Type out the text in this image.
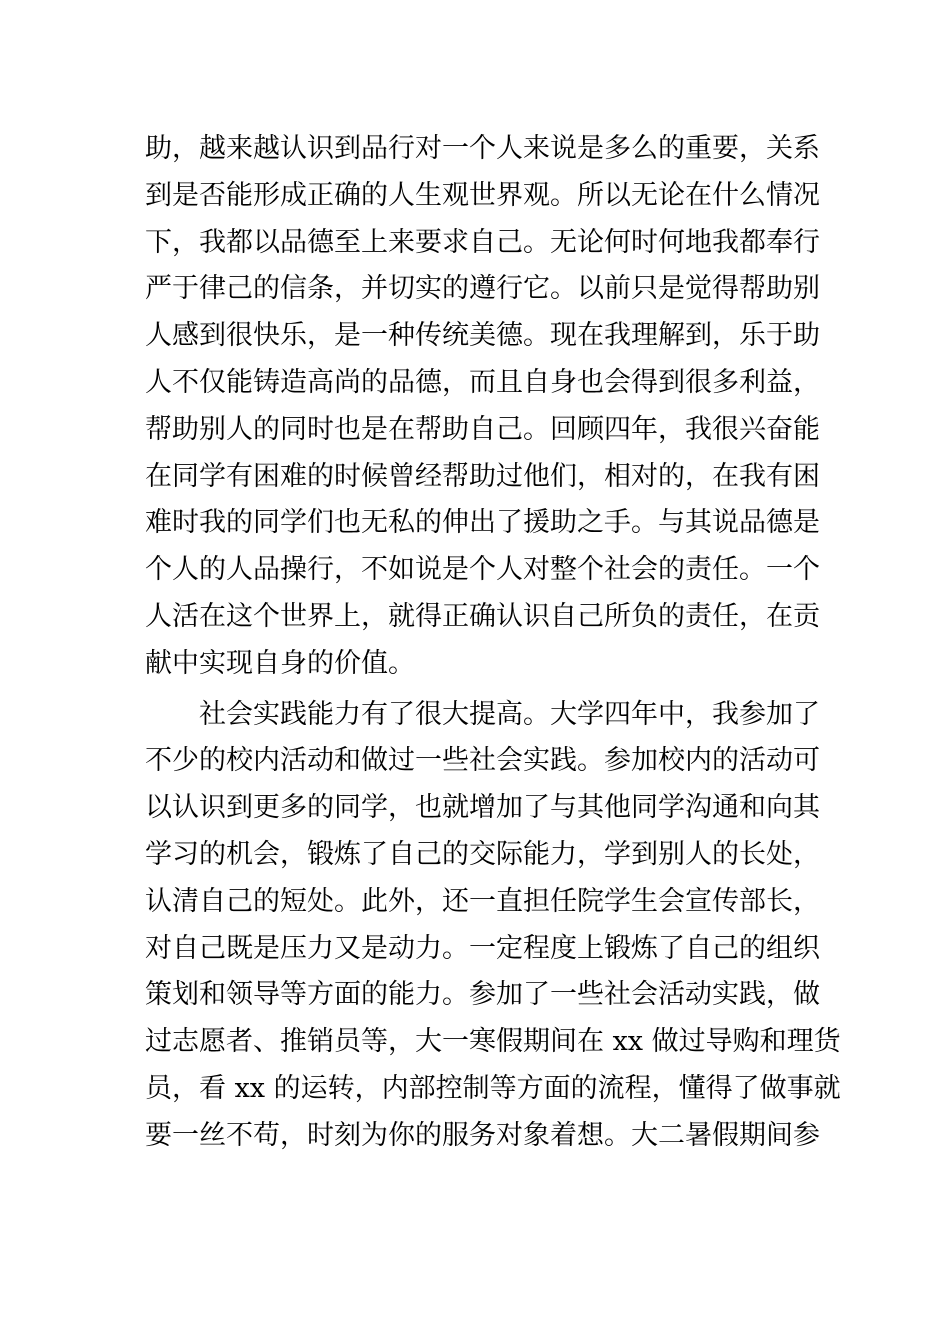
助，越来越认识到品行对一个人来说是多么的重要，关系
到是否能形成正确的人生观世界观。所以无论在什么情况
下，我都以品德至上来要求自己。无论何时何地我都奉行
严于律己的信条，并切实的遵行它。以前只是觉得帮助别
人感到很快乐，是一种传统美德。现在我理解到，乐于助
人不仅能铸造高尚的品德，而且自身也会得到很多利益，
帮助别人的同时也是在帮助自己。回顾四年，我很兴奋能
在同学有困难的时候曾经帮助过他们，相对的，在我有困
难时我的同学们也无私的伸出了援助之手。与其说品德是
个人的人品操行，不如说是个人对整个社会的责任。一个
人活在这个世界上，就得正确认识自己所负的责任，在贡
献中实现自身的价值。
社会实践能力有了很大提高。大学四年中，我参加了
不少的校内活动和做过一些社会实践。参加校内的活动可
以认识到更多的同学，也就增加了与其他同学沟通和向其
学习的机会，锻炼了自己的交际能力，学到别人的长处，
认清自己的短处。此外，还一直担任院学生会宣传部长，
对自己既是压力又是动力。一定程度上锻炼了自己的组织
策划和领导等方面的能力。参加了一些社会活动实践，做
过志愿者、推销员等，大一寒假期间在 xx 做过导购和理货
员，看 xx 的运转，内部控制等方面的流程，懂得了做事就
要一丝不苟，时刻为你的服务对象着想。大二暑假期间参
